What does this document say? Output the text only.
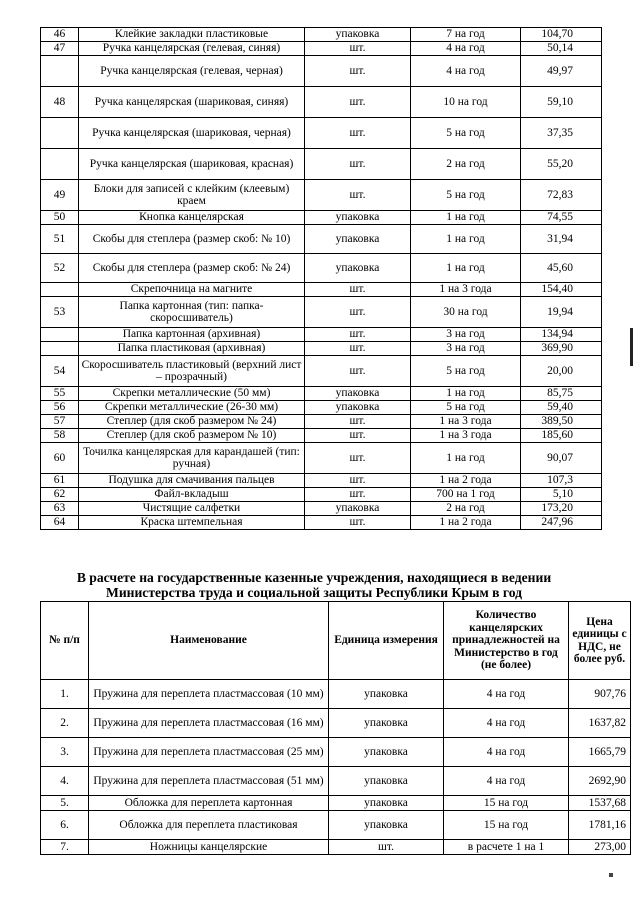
46	Клейкие закладки пластиковые	упаковка	7 на год	104,70
47	Ручка канцелярская (гелевая, синяя)	шт.	4 на год	50,14
	Ручка канцелярская (гелевая, черная)	шт.	4 на год	49,97
48	Ручка канцелярская (шариковая, синяя)	шт.	10 на год	59,10
	Ручка канцелярская (шариковая, черная)	шт.	5 на год	37,35
	Ручка канцелярская (шариковая, красная)	шт.	2 на год	55,20
49	Блоки для записей с клейким (клеевым) краем	шт.	5 на год	72,83
50	Кнопка канцелярская	упаковка	1 на год	74,55
51	Скобы для степлера (размер скоб: № 10)	упаковка	1 на год	31,94
52	Скобы для степлера (размер скоб: № 24)	упаковка	1 на год	45,60
	Скрепочница на магните	шт.	1 на 3 года	154,40
53	Папка картонная (тип: папка-скоросшиватель)	шт.	30 на год	19,94
	Папка картонная (архивная)	шт.	3 на год	134,94
	Папка пластиковая (архивная)	шт.	3 на год	369,90
54	Скоросшиватель пластиковый (верхний лист – прозрачный)	шт.	5 на год	20,00
55	Скрепки металлические (50 мм)	упаковка	1 на год	85,75
56	Скрепки металлические (26-30 мм)	упаковка	5 на год	59,40
57	Степлер (для скоб размером № 24)	шт.	1 на 3 года	389,50
58	Степлер (для скоб размером № 10)	шт.	1 на 3 года	185,60
60	Точилка канцелярская для карандашей (тип: ручная)	шт.	1 на год	90,07
61	Подушка для смачивания пальцев	шт.	1 на 2 года	107,3
62	Файл-вкладыш	шт.	700 на 1 год	5,10
63	Чистящие салфетки	упаковка	2 на год	173,20
64	Краска штемпельная	шт.	1 на 2 года	247,96
В расчете на государственные казенные учреждения, находящиеся в ведении Министерства труда и социальной защиты Республики Крым в год
№ п/п	Наименование	Единица измерения	Количество канцелярских принадлежностей на Министерство в год (не более)	Цена единицы с НДС, не более руб.
1.	Пружина для переплета пластмассовая (10 мм)	упаковка	4 на год	907,76
2.	Пружина для переплета пластмассовая (16 мм)	упаковка	4 на год	1637,82
3.	Пружина для переплета пластмассовая (25 мм)	упаковка	4 на год	1665,79
4.	Пружина для переплета пластмассовая (51 мм)	упаковка	4 на год	2692,90
5.	Обложка для переплета картонная	упаковка	15 на год	1537,68
6.	Обложка для переплета пластиковая	упаковка	15 на год	1781,16
7.	Ножницы канцелярские	шт.	в расчете 1 на 1	273,00
